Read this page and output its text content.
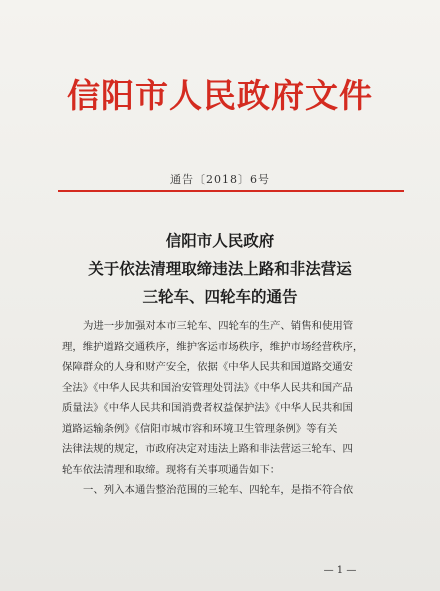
信阳市人民政府文件
通告〔2018〕6号
信阳市人民政府
关于依法清理取缔违法上路和非法营运
三轮车、四轮车的通告
为进一步加强对本市三轮车、四轮车的生产、销售和使用管
理，维护道路交通秩序，维护客运市场秩序，维护市场经营秩序，
保障群众的人身和财产安全，依据《中华人民共和国道路交通安
全法》《中华人民共和国治安管理处罚法》《中华人民共和国产品
质量法》《中华人民共和国消费者权益保护法》《中华人民共和国
道路运输条例》《信阳市城市容和环境卫生管理条例》等有关
法律法规的规定，市政府决定对违法上路和非法营运三轮车、四
轮车依法清理和取缔。现将有关事项通告如下：
一、列入本通告整治范围的三轮车、四轮车，是指不符合依
— 1 —
